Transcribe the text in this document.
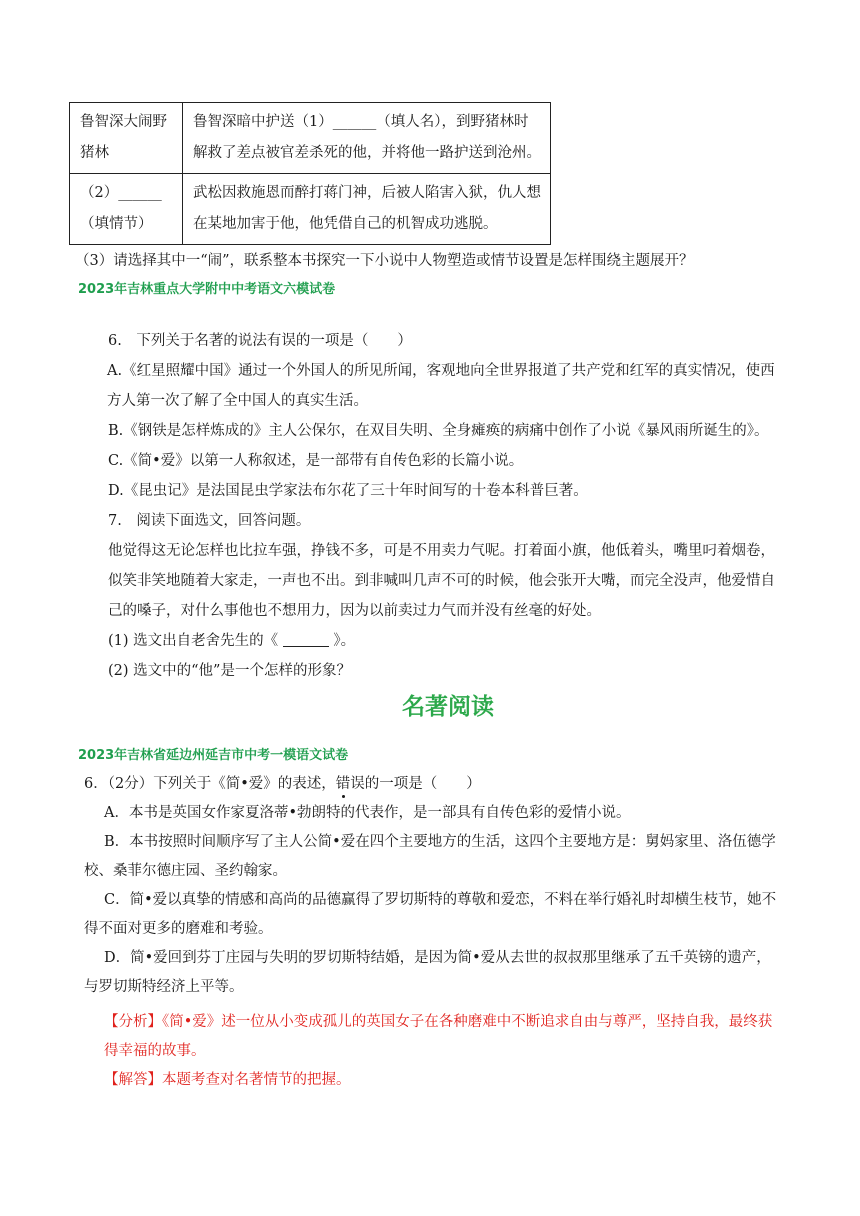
鲁智深大闹野猪林	鲁智深暗中护送（1）______（填人名），到野猪林时解救了差点被官差杀死的他，并将他一路护送到沧州。
（2）______（填情节）	武松因救施恩而醉打蒋门神，后被人陷害入狱，仇人想在某地加害于他，他凭借自己的机智成功逃脱。
（3）请选择其中一“闹”，联系整本书探究一下小说中人物塑造或情节设置是怎样围绕主题展开？
2023年吉林重点大学附中中考语文六模试卷

6.　下列关于名著的说法有误的一项是（　　）

A.《红星照耀中国》通过一个外国人的所见所闻，客观地向全世界报道了共产党和红军的真实情况，使西方人第一次了解了全中国人的真实生活。

B.《钢铁是怎样炼成的》主人公保尔，在双目失明、全身瘫痪的病痛中创作了小说《暴风雨所诞生的》。

C.《简•爱》以第一人称叙述，是一部带有自传色彩的长篇小说。

D.《昆虫记》是法国昆虫学家法布尔花了三十年时间写的十卷本科普巨著。

7.　阅读下面选文，回答问题。

他觉得这无论怎样也比拉车强，挣钱不多，可是不用卖力气呢。打着面小旗，他低着头，嘴里叼着烟卷，似笑非笑地随着大家走，一声也不出。到非喊叫几声不可的时候，他会张开大嘴，而完全没声，他爱惜自己的嗓子，对什么事他也不想用力，因为以前卖过力气而并没有丝毫的好处。

(1) 选文出自老舍先生的《	》。

(2) 选文中的“他”是一个怎样的形象？

名著阅读
2023年吉林省延边州延吉市中考一模语文试卷

6．（2分）下列关于《简•爱》的表述，错误的一项是（　　）

A．本书是英国女作家夏洛蒂•勃朗特的代表作，是一部具有自传色彩的爱情小说。

B．本书按照时间顺序写了主人公简•爱在四个主要地方的生活，这四个主要地方是：舅妈家里、洛伍德学校、桑菲尔德庄园、圣约翰家。

C．简•爱以真挚的情感和高尚的品德赢得了罗切斯特的尊敬和爱恋，不料在举行婚礼时却横生枝节，她不得不面对更多的磨难和考验。

D．简•爱回到芬丁庄园与失明的罗切斯特结婚，是因为简•爱从去世的叔叔那里继承了五千英镑的遗产，与罗切斯特经济上平等。

【分析】《简•爱》述一位从小变成孤儿的英国女子在各种磨难中不断追求自由与尊严，坚持自我，最终获得幸福的故事。

【解答】本题考查对名著情节的把握。
